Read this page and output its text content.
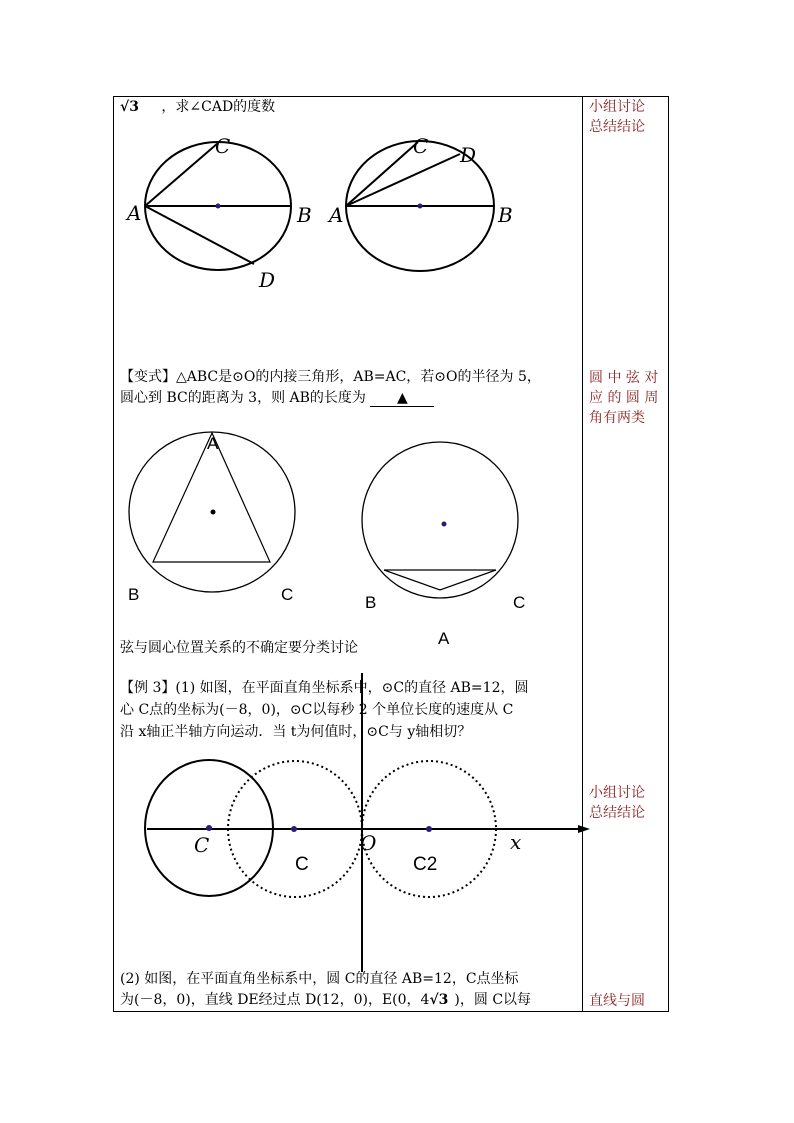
√3 ，求∠CAD的度数
A	B
C
D
A	B
C D
【变式】△ABC是⊙O的内接三角形，AB=AC，若⊙O的半径为 5，
圆心到 BC的距离为 3，则 AB的长度为 ▲
A
B	C	B	C
A
弦与圆心位置关系的不确定要分类讨论
【例 3】(1) 如图，在平面直角坐标系中，⊙C的直径 AB=12，圆
心 C点的坐标为(－8，0)，⊙C以每秒 2 个单位长度的速度从 C
沿 x轴正半轴方向运动．当 t为何值时，⊙C与 y轴相切？
C	O	x
C	C2
(2) 如图，在平面直角坐标系中，圆 C的直径 AB=12，C点坐标
为(－8，0)，直线 DE经过点 D(12，0)，E(0，4√3 )，圆 C以每
小组讨论
总结结论
圆 中 弦 对
应 的 圆 周
角有两类
小组讨论
总结结论
直线与圆
